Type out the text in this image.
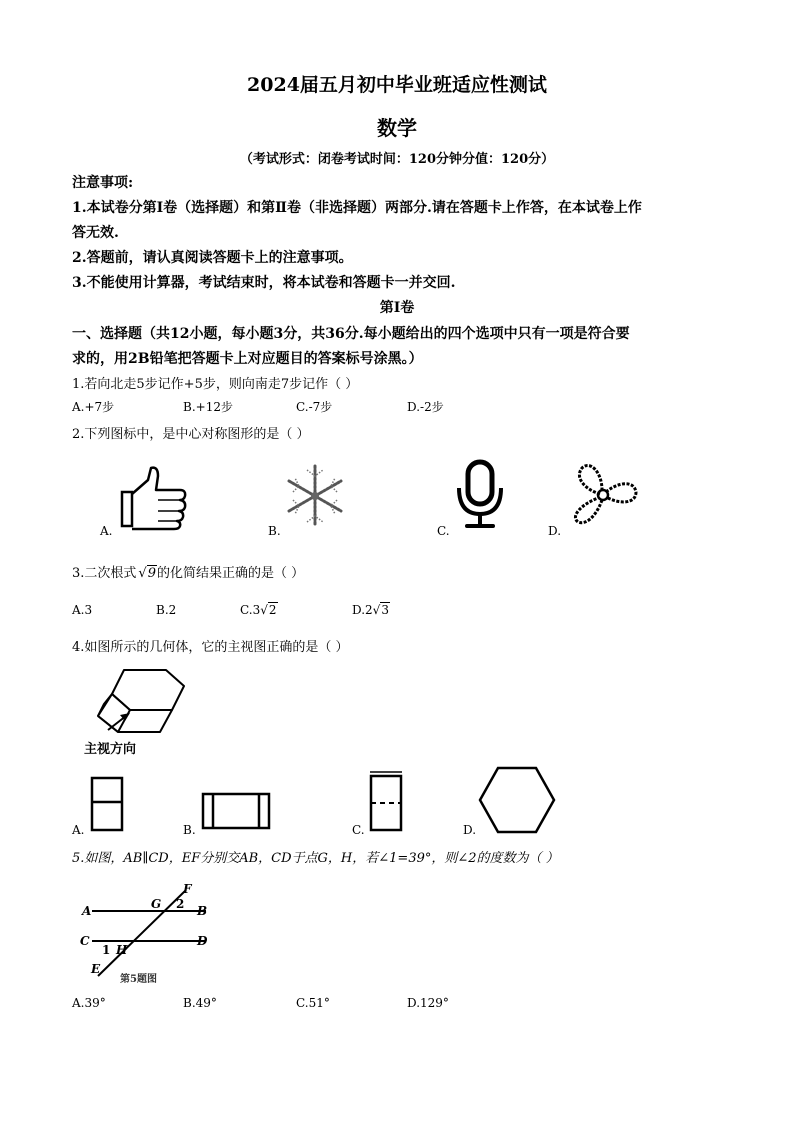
2024届五月初中毕业班适应性测试
数学
（考试形式：闭卷考试时间：120分钟分值：120分）
注意事项:
1.本试卷分第Ⅰ卷（选择题）和第Ⅱ卷（非选择题）两部分.请在答题卡上作答，在本试卷上作
答无效.
2.答题前，请认真阅读答题卡上的注意事项。
3.不能使用计算器，考试结束时，将本试卷和答题卡一并交回.
第Ⅰ卷
一、选择题（共12小题，每小题3分，共36分.每小题给出的四个选项中只有一项是符合要
求的，用2B铅笔把答题卡上对应题目的答案标号涂黑。）
1.若向北走5步记作+5步，则向南走7步记作（ ）
A.+7步	B.+12步	C.-7步	D.-2步
2.下列图标中，是中心对称图形的是（ ）
A.	B.	C.	D.
3.二次根式 √9的化简结果正确的是（ ）
A.3	B.2	C.3√2	D.2√3
4.如图所示的几何体，它的主视图正确的是（ ）
主视方向
A.	B.	C.	D.
5.如图，AB∥CD，EF分别交AB，CD于点G，H，若∠1=39°，则∠2的度数为（ ）
F
G 2
A	B
C	D
1 H
E
第5题图
A.39°	B.49°	C.51°	D.129°
